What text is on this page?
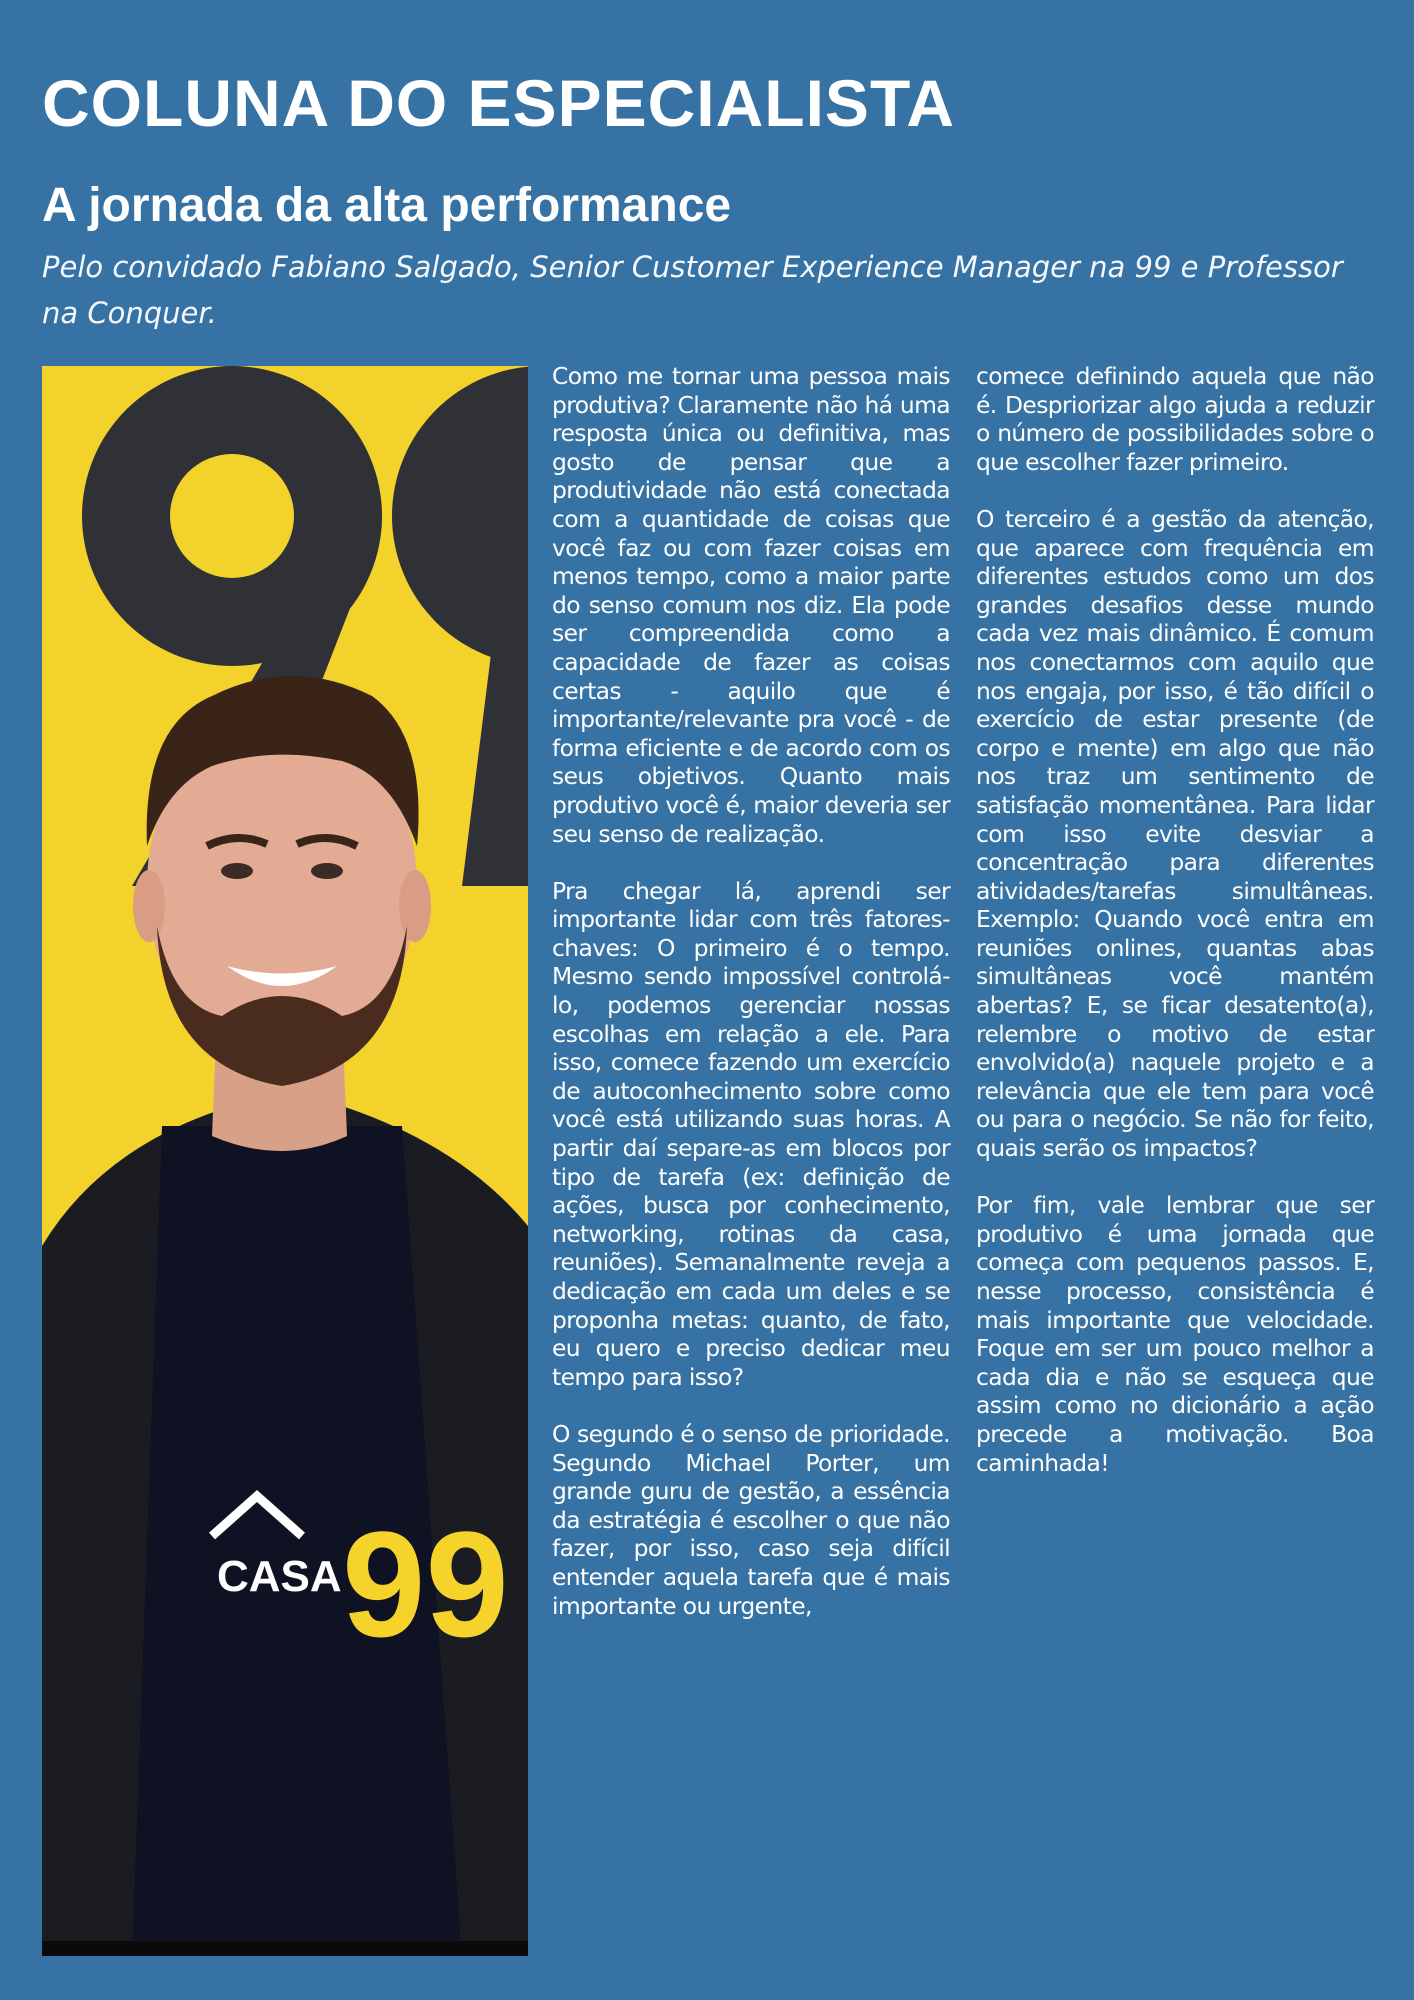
COLUNA DO ESPECIALISTA
A jornada da alta performance

Pelo convidado Fabiano Salgado, Senior Customer Experience Manager na 99 e Professor na Conquer.

CASA 99

Como me tornar uma pessoa mais produtiva? Claramente não há uma resposta única ou definitiva, mas gosto de pensar que a produtividade não está conectada com a quantidade de coisas que você faz ou com fazer coisas em menos tempo, como a maior parte do senso comum nos diz. Ela pode ser compreendida como a capacidade de fazer as coisas certas - aquilo que é importante/relevante pra você - de forma eficiente e de acordo com os seus objetivos. Quanto mais produtivo você é, maior deveria ser seu senso de realização.

Pra chegar lá, aprendi ser importante lidar com três fatores-chaves: O primeiro é o tempo. Mesmo sendo impossível controlá-lo, podemos gerenciar nossas escolhas em relação a ele. Para isso, comece fazendo um exercício de autoconhecimento sobre como você está utilizando suas horas. A partir daí separe-as em blocos por tipo de tarefa (ex: definição de ações, busca por conhecimento, networking, rotinas da casa, reuniões). Semanalmente reveja a dedicação em cada um deles e se proponha metas: quanto, de fato, eu quero e preciso dedicar meu tempo para isso?

O segundo é o senso de prioridade. Segundo Michael Porter, um grande guru de gestão, a essência da estratégia é escolher o que não fazer, por isso, caso seja difícil entender aquela tarefa que é mais importante ou urgente,

comece definindo aquela que não é. Despriorizar algo ajuda a reduzir o número de possibilidades sobre o que escolher fazer primeiro.

O terceiro é a gestão da atenção, que aparece com frequência em diferentes estudos como um dos grandes desafios desse mundo cada vez mais dinâmico. É comum nos conectarmos com aquilo que nos engaja, por isso, é tão difícil o exercício de estar presente (de corpo e mente) em algo que não nos traz um sentimento de satisfação momentânea. Para lidar com isso evite desviar a concentração para diferentes atividades/tarefas simultâneas. Exemplo: Quando você entra em reuniões onlines, quantas abas simultâneas você mantém abertas? E, se ficar desatento(a), relembre o motivo de estar envolvido(a) naquele projeto e a relevância que ele tem para você ou para o negócio. Se não for feito, quais serão os impactos?

Por fim, vale lembrar que ser produtivo é uma jornada que começa com pequenos passos. E, nesse processo, consistência é mais importante que velocidade. Foque em ser um pouco melhor a cada dia e não se esqueça que assim como no dicionário a ação precede a motivação. Boa caminhada!
